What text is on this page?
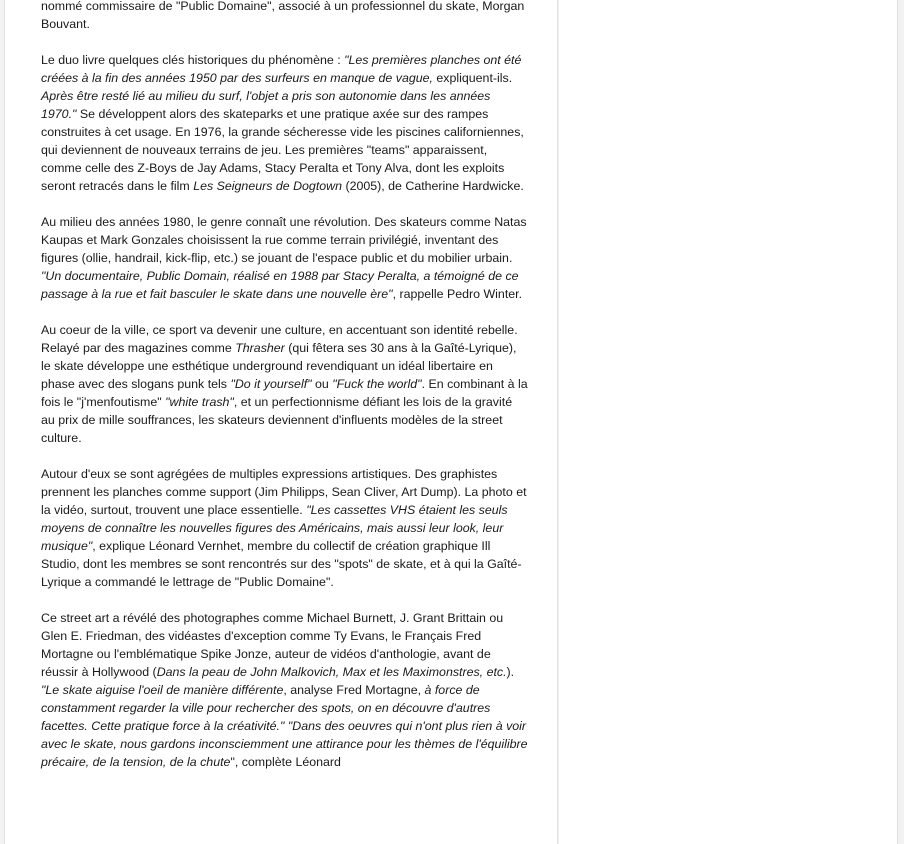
nommé commissaire de "Public Domaine", associé à un professionnel du skate, Morgan Bouvant.

Le duo livre quelques clés historiques du phénomène : "Les premières planches ont été créées à la fin des années 1950 par des surfeurs en manque de vague, expliquent-ils. Après être resté lié au milieu du surf, l'objet a pris son autonomie dans les années 1970." Se développent alors des skateparks et une pratique axée sur des rampes construites à cet usage. En 1976, la grande sécheresse vide les piscines californiennes, qui deviennent de nouveaux terrains de jeu. Les premières "teams" apparaissent, comme celle des Z-Boys de Jay Adams, Stacy Peralta et Tony Alva, dont les exploits seront retracés dans le film Les Seigneurs de Dogtown (2005), de Catherine Hardwicke.

Au milieu des années 1980, le genre connaît une révolution. Des skateurs comme Natas Kaupas et Mark Gonzales choisissent la rue comme terrain privilégié, inventant des figures (ollie, handrail, kick-flip, etc.) se jouant de l'espace public et du mobilier urbain. "Un documentaire, Public Domain, réalisé en 1988 par Stacy Peralta, a témoigné de ce passage à la rue et fait basculer le skate dans une nouvelle ère", rappelle Pedro Winter.

Au coeur de la ville, ce sport va devenir une culture, en accentuant son identité rebelle. Relayé par des magazines comme Thrasher (qui fêtera ses 30 ans à la Gaîté-Lyrique), le skate développe une esthétique underground revendiquant un idéal libertaire en phase avec des slogans punk tels "Do it yourself" ou "Fuck the world". En combinant à la fois le "j'menfoutisme" "white trash", et un perfectionnisme défiant les lois de la gravité au prix de mille souffrances, les skateurs deviennent d'influents modèles de la street culture.

Autour d'eux se sont agrégées de multiples expressions artistiques. Des graphistes prennent les planches comme support (Jim Philipps, Sean Cliver, Art Dump). La photo et la vidéo, surtout, trouvent une place essentielle. "Les cassettes VHS étaient les seuls moyens de connaître les nouvelles figures des Américains, mais aussi leur look, leur musique", explique Léonard Vernhet, membre du collectif de création graphique Ill Studio, dont les membres se sont rencontrés sur des "spots" de skate, et à qui la Gaîté-Lyrique a commandé le lettrage de "Public Domaine".

Ce street art a révélé des photographes comme Michael Burnett, J. Grant Brittain ou Glen E. Friedman, des vidéastes d'exception comme Ty Evans, le Français Fred Mortagne ou l'emblématique Spike Jonze, auteur de vidéos d'anthologie, avant de réussir à Hollywood (Dans la peau de John Malkovich, Max et les Maximonstres, etc.). "Le skate aiguise l'oeil de manière différente, analyse Fred Mortagne, à force de constamment regarder la ville pour rechercher des spots, on en découvre d'autres facettes. Cette pratique force à la créativité." "Dans des oeuvres qui n'ont plus rien à voir avec le skate, nous gardons inconsciemment une attirance pour les thèmes de l'équilibre précaire, de la tension, de la chute", complète Léonard
